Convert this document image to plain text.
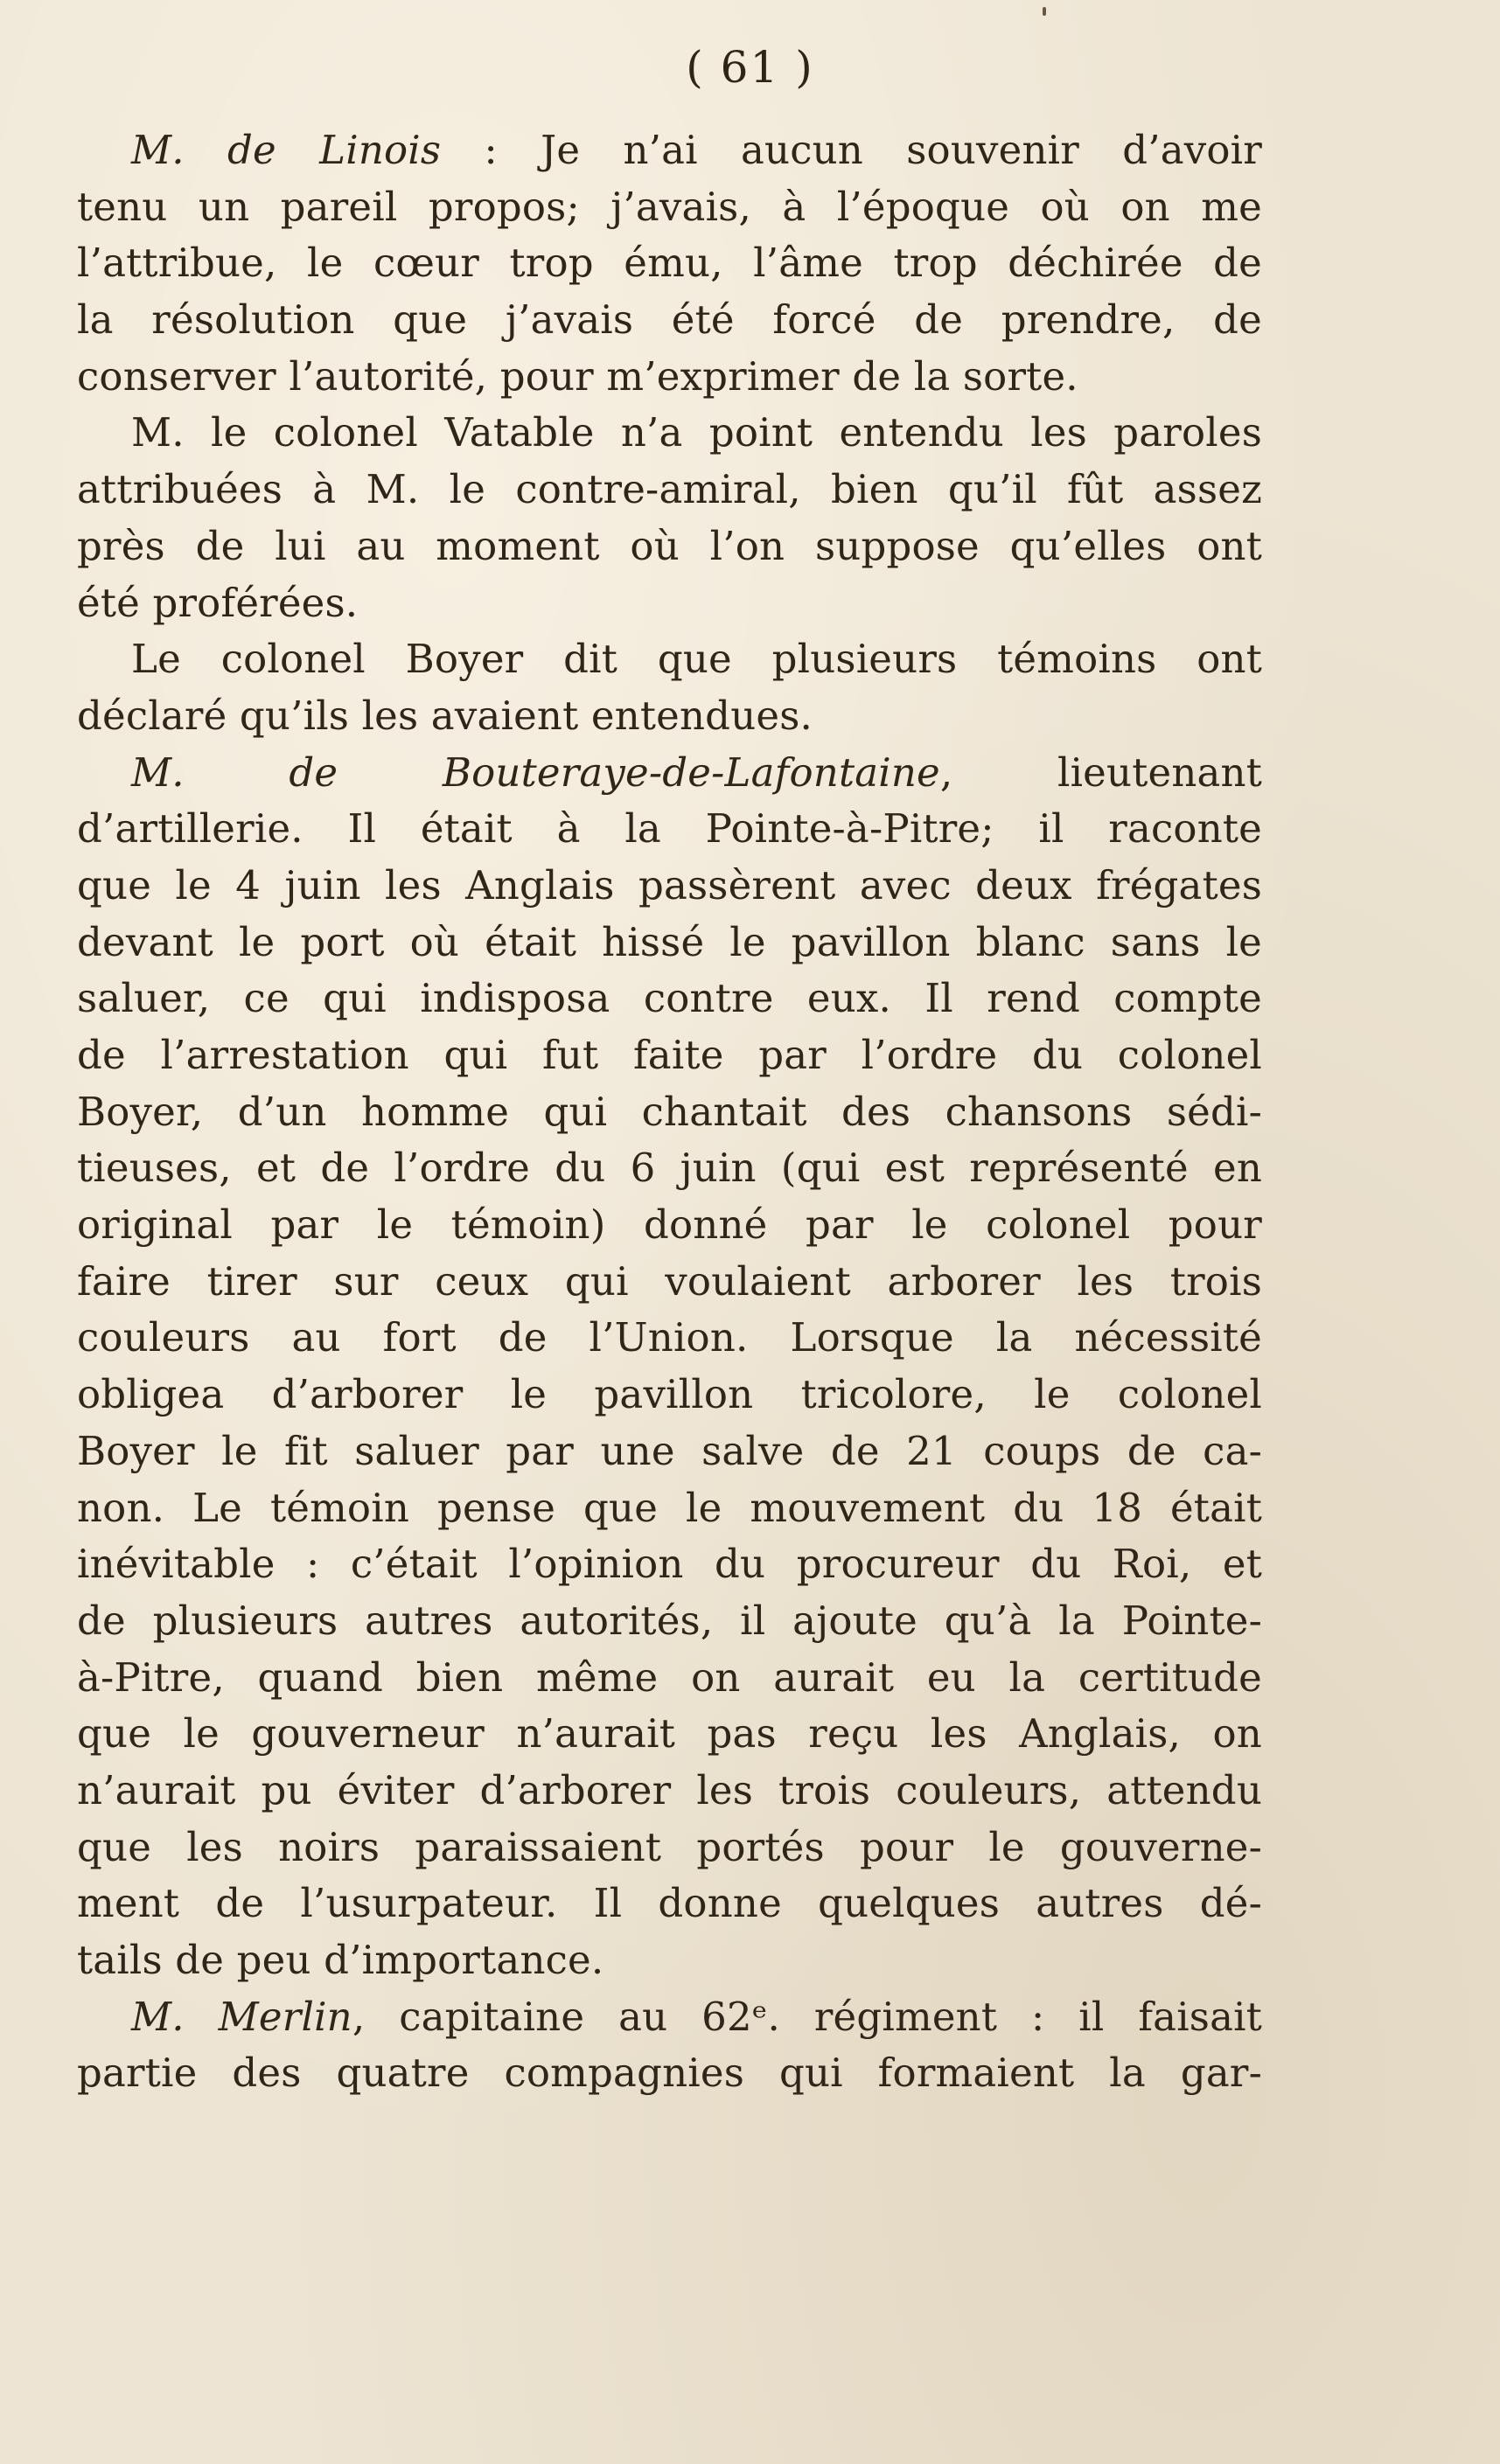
( 61 )
M. de Linois : Je n’ai aucun souvenir d’avoir
tenu un pareil propos; j’avais, à l’époque où on me
l’attribue, le cœur trop ému, l’âme trop déchirée de
la résolution que j’avais été forcé de prendre, de
conserver l’autorité, pour m’exprimer de la sorte.
M. le colonel Vatable n’a point entendu les paroles
attribuées à M. le contre-amiral, bien qu’il fût assez
près de lui au moment où l’on suppose qu’elles ont
été proférées.
Le colonel Boyer dit que plusieurs témoins ont
déclaré qu’ils les avaient entendues.
M. de Bouteraye-de-Lafontaine, lieutenant
d’artillerie. Il était à la Pointe-à-Pitre; il raconte
que le 4 juin les Anglais passèrent avec deux frégates
devant le port où était hissé le pavillon blanc sans le
saluer, ce qui indisposa contre eux. Il rend compte
de l’arrestation qui fut faite par l’ordre du colonel
Boyer, d’un homme qui chantait des chansons sédi-
tieuses, et de l’ordre du 6 juin (qui est représenté en
original par le témoin) donné par le colonel pour
faire tirer sur ceux qui voulaient arborer les trois
couleurs au fort de l’Union. Lorsque la nécessité
obligea d’arborer le pavillon tricolore, le colonel
Boyer le fit saluer par une salve de 21 coups de ca-
non. Le témoin pense que le mouvement du 18 était
inévitable : c’était l’opinion du procureur du Roi, et
de plusieurs autres autorités, il ajoute qu’à la Pointe-
à-Pitre, quand bien même on aurait eu la certitude
que le gouverneur n’aurait pas reçu les Anglais, on
n’aurait pu éviter d’arborer les trois couleurs, attendu
que les noirs paraissaient portés pour le gouverne-
ment de l’usurpateur. Il donne quelques autres dé-
tails de peu d’importance.
M. Merlin, capitaine au 62ᵉ. régiment : il faisait
partie des quatre compagnies qui formaient la gar-
